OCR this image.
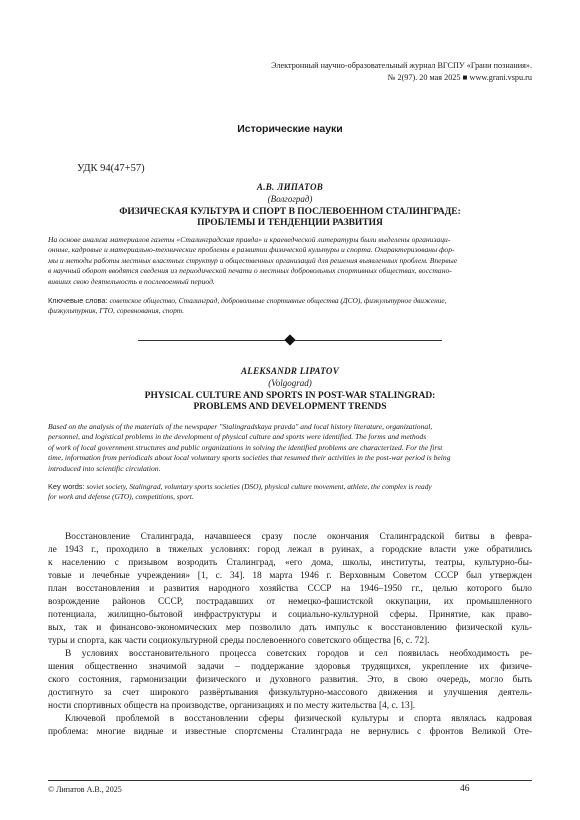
Электронный научно-образовательный журнал ВГСПУ «Грани познания».
№ 2(97). 20 мая 2025 ■ www.grani.vspu.ru
Исторические науки
УДК 94(47+57)
А.В. ЛИПАТОВ
(Волгоград)
ФИЗИЧЕСКАЯ КУЛЬТУРА И СПОРТ В ПОСЛЕВОЕННОМ СТАЛИНГРАДЕ:
ПРОБЛЕМЫ И ТЕНДЕНЦИИ РАЗВИТИЯ
На основе анализа материалов газеты «Сталинградская правда» и краеведческой литературы были выделены организаци-
онные, кадровые и материально-технические проблемы в развитии физической культуры и спорта. Охарактеризованы фор-
мы и методы работы местных властных структур и общественных организаций для решения выявленных проблем. Впервые
в научный оборот вводятся сведения из периодической печати о местных добровольных спортивных обществах, восстано-
вивших свою деятельность в послевоенный период.
Ключевые слова: советское общество, Сталинград, добровольные спортивные общества (ДСО), физкультурное движение,
физкультурник, ГТО, соревнования, спорт.
ALEKSANDR LIPATOV
(Volgograd)
PHYSICAL CULTURE AND SPORTS IN POST-WAR STALINGRAD:
PROBLEMS AND DEVELOPMENT TRENDS
Based on the analysis of the materials of the newspaper "Stalingradskaya pravda" and local history literature, organizational,
personnel, and logistical problems in the development of physical culture and sports were identified. The forms and methods
of work of local government structures and public organizations in solving the identified problems are characterized. For the first
time, information from periodicals about local voluntary sports societies that resumed their activities in the post-war period is being
introduced into scientific circulation.
Key words: soviet society, Stalingrad, voluntary sports societies (DSO), physical culture movement, athlete, the complex is ready
for work and defense (GTO), competitions, sport.
Восстановление Сталинграда, начавшееся сразу после окончания Сталинградской битвы в февра-
ле 1943 г., проходило в тяжелых условиях: город лежал в руинах, а городские власти уже обратились
к населению с призывом возродить Сталинград, «его дома, школы, институты, театры, культурно-бы-
товые и лечебные учреждения» [1, с. 34]. 18 марта 1946 г. Верховным Советом СССР был утвержден
план восстановления и развития народного хозяйства СССР на 1946–1950 гг., целью которого было
возрождение районов СССР, пострадавших от немецко-фашистской оккупации, их промышленного
потенциала, жилищно-бытовой инфраструктуры и социально-культурной сферы. Принятие, как право-
вых, так и финансово-экономических мер позволило дать импульс к восстановлению физической куль-
туры и спорта, как части социокультурной среды послевоенного советского общества [6, с. 72].
В условиях восстановительного процесса советских городов и сел появилась необходимость ре-
шения общественно значимой задачи – поддержание здоровья трудящихся, укрепление их физиче-
ского состояния, гармонизации физического и духовного развития. Это, в свою очередь, могло быть
достигнуто за счет широкого развёртывания физкультурно-массового движения и улучшения деятель-
ности спортивных обществ на производстве, организациях и по месту жительства [4, с. 13].
Ключевой проблемой в восстановлении сферы физической культуры и спорта являлась кадровая
проблема: многие видные и известные спортсмены Сталинграда не вернулись с фронтов Великой Оте-
© Липатов А.В., 2025	46
